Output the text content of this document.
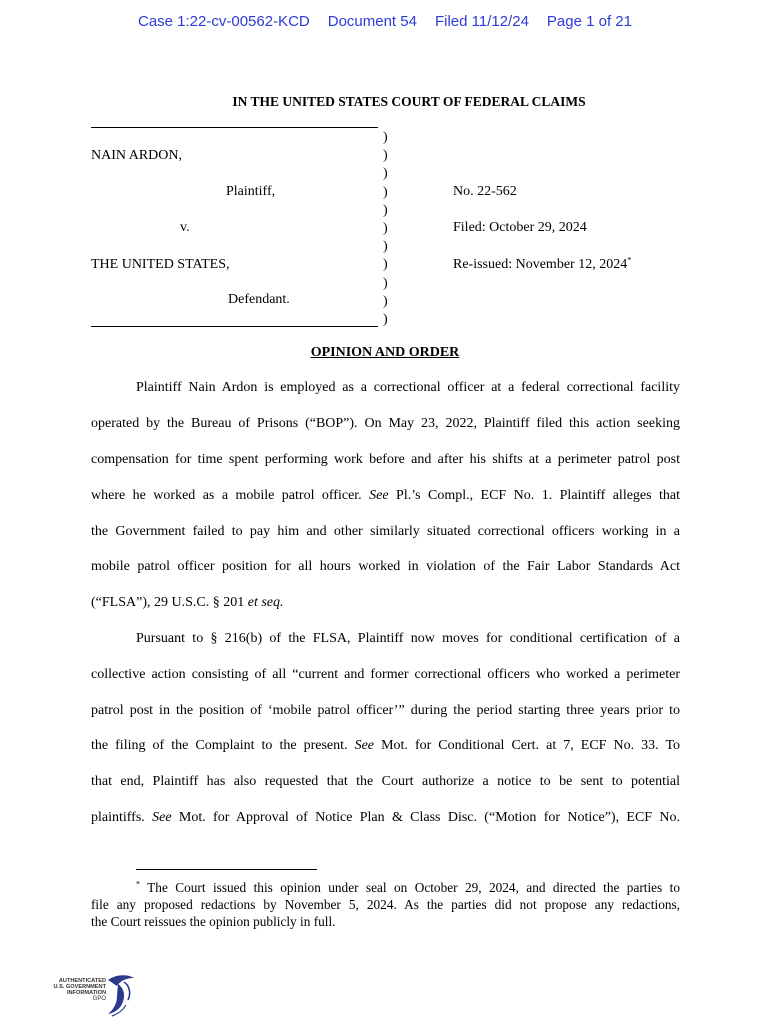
Case 1:22-cv-00562-KCD Document 54 Filed 11/12/24 Page 1 of 21
IN THE UNITED STATES COURT OF FEDERAL CLAIMS
NAIN ARDON,
Plaintiff,
v.
THE UNITED STATES,
Defendant.
)
)
)
)
)
)
)
)
)
)
)
No. 22-562
Filed: October 29, 2024
Re-issued: November 12, 2024*
OPINION AND ORDER
Plaintiff Nain Ardon is employed as a correctional officer at a federal correctional facility
operated by the Bureau of Prisons (“BOP”). On May 23, 2022, Plaintiff filed this action seeking
compensation for time spent performing work before and after his shifts at a perimeter patrol post
where he worked as a mobile patrol officer. See Pl.’s Compl., ECF No. 1. Plaintiff alleges that
the Government failed to pay him and other similarly situated correctional officers working in a
mobile patrol officer position for all hours worked in violation of the Fair Labor Standards Act
(“FLSA”), 29 U.S.C. § 201 et seq.
Pursuant to § 216(b) of the FLSA, Plaintiff now moves for conditional certification of a
collective action consisting of all “current and former correctional officers who worked a perimeter
patrol post in the position of ‘mobile patrol officer’” during the period starting three years prior to
the filing of the Complaint to the present. See Mot. for Conditional Cert. at 7, ECF No. 33. To
that end, Plaintiff has also requested that the Court authorize a notice to be sent to potential
plaintiffs. See Mot. for Approval of Notice Plan & Class Disc. (“Motion for Notice”), ECF No.
* The Court issued this opinion under seal on October 29, 2024, and directed the parties to
file any proposed redactions by November 5, 2024. As the parties did not propose any redactions,
the Court reissues the opinion publicly in full.
AUTHENTICATED
U.S. GOVERNMENT
INFORMATION
GPO
